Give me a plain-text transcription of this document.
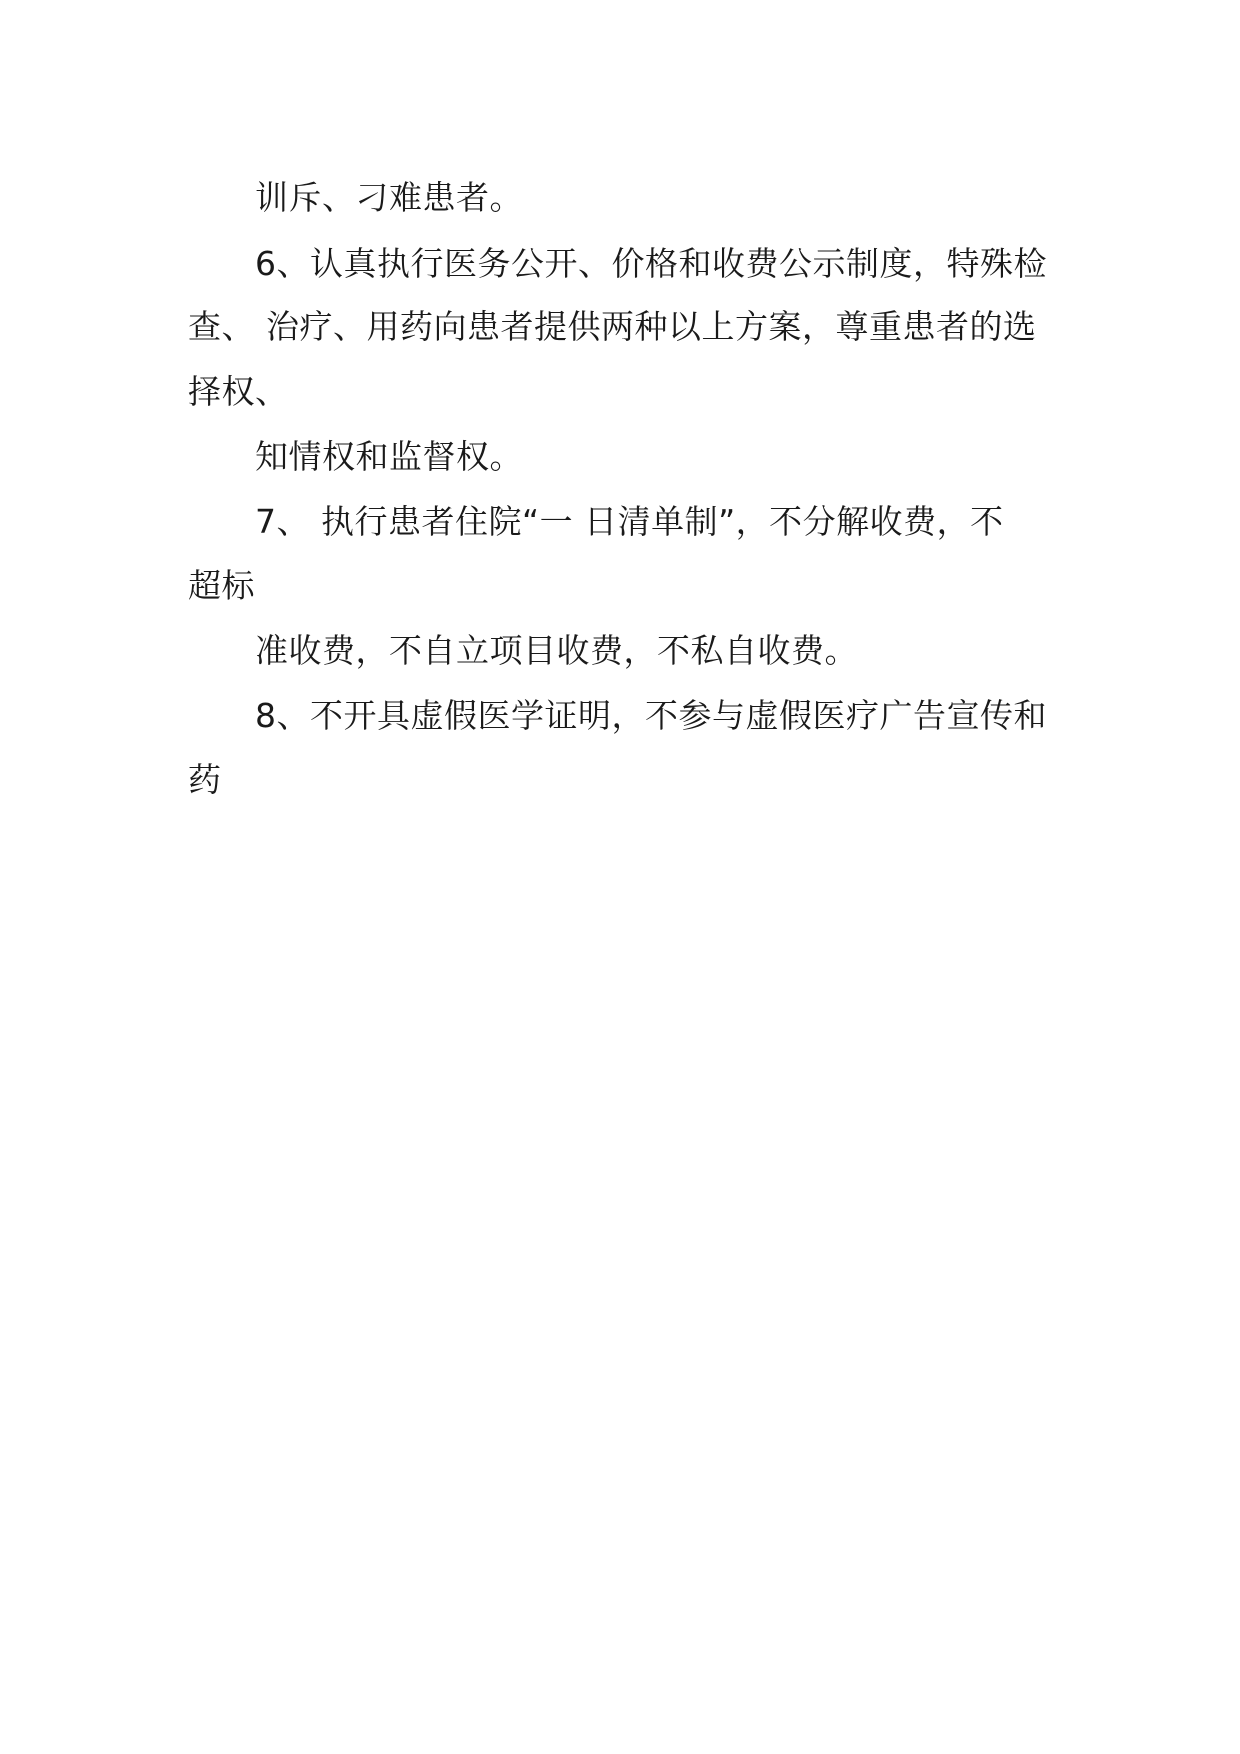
训斥、刁难患者。
6、认真执行医务公开、价格和收费公示制度，特殊检
查、 治疗、用药向患者提供两种以上方案，尊重患者的选
择权、
知情权和监督权。
7、 执行患者住院“一 日清单制”，不分解收费，不
超标
准收费，不自立项目收费，不私自收费。
8、不开具虚假医学证明，不参与虚假医疗广告宣传和
药
